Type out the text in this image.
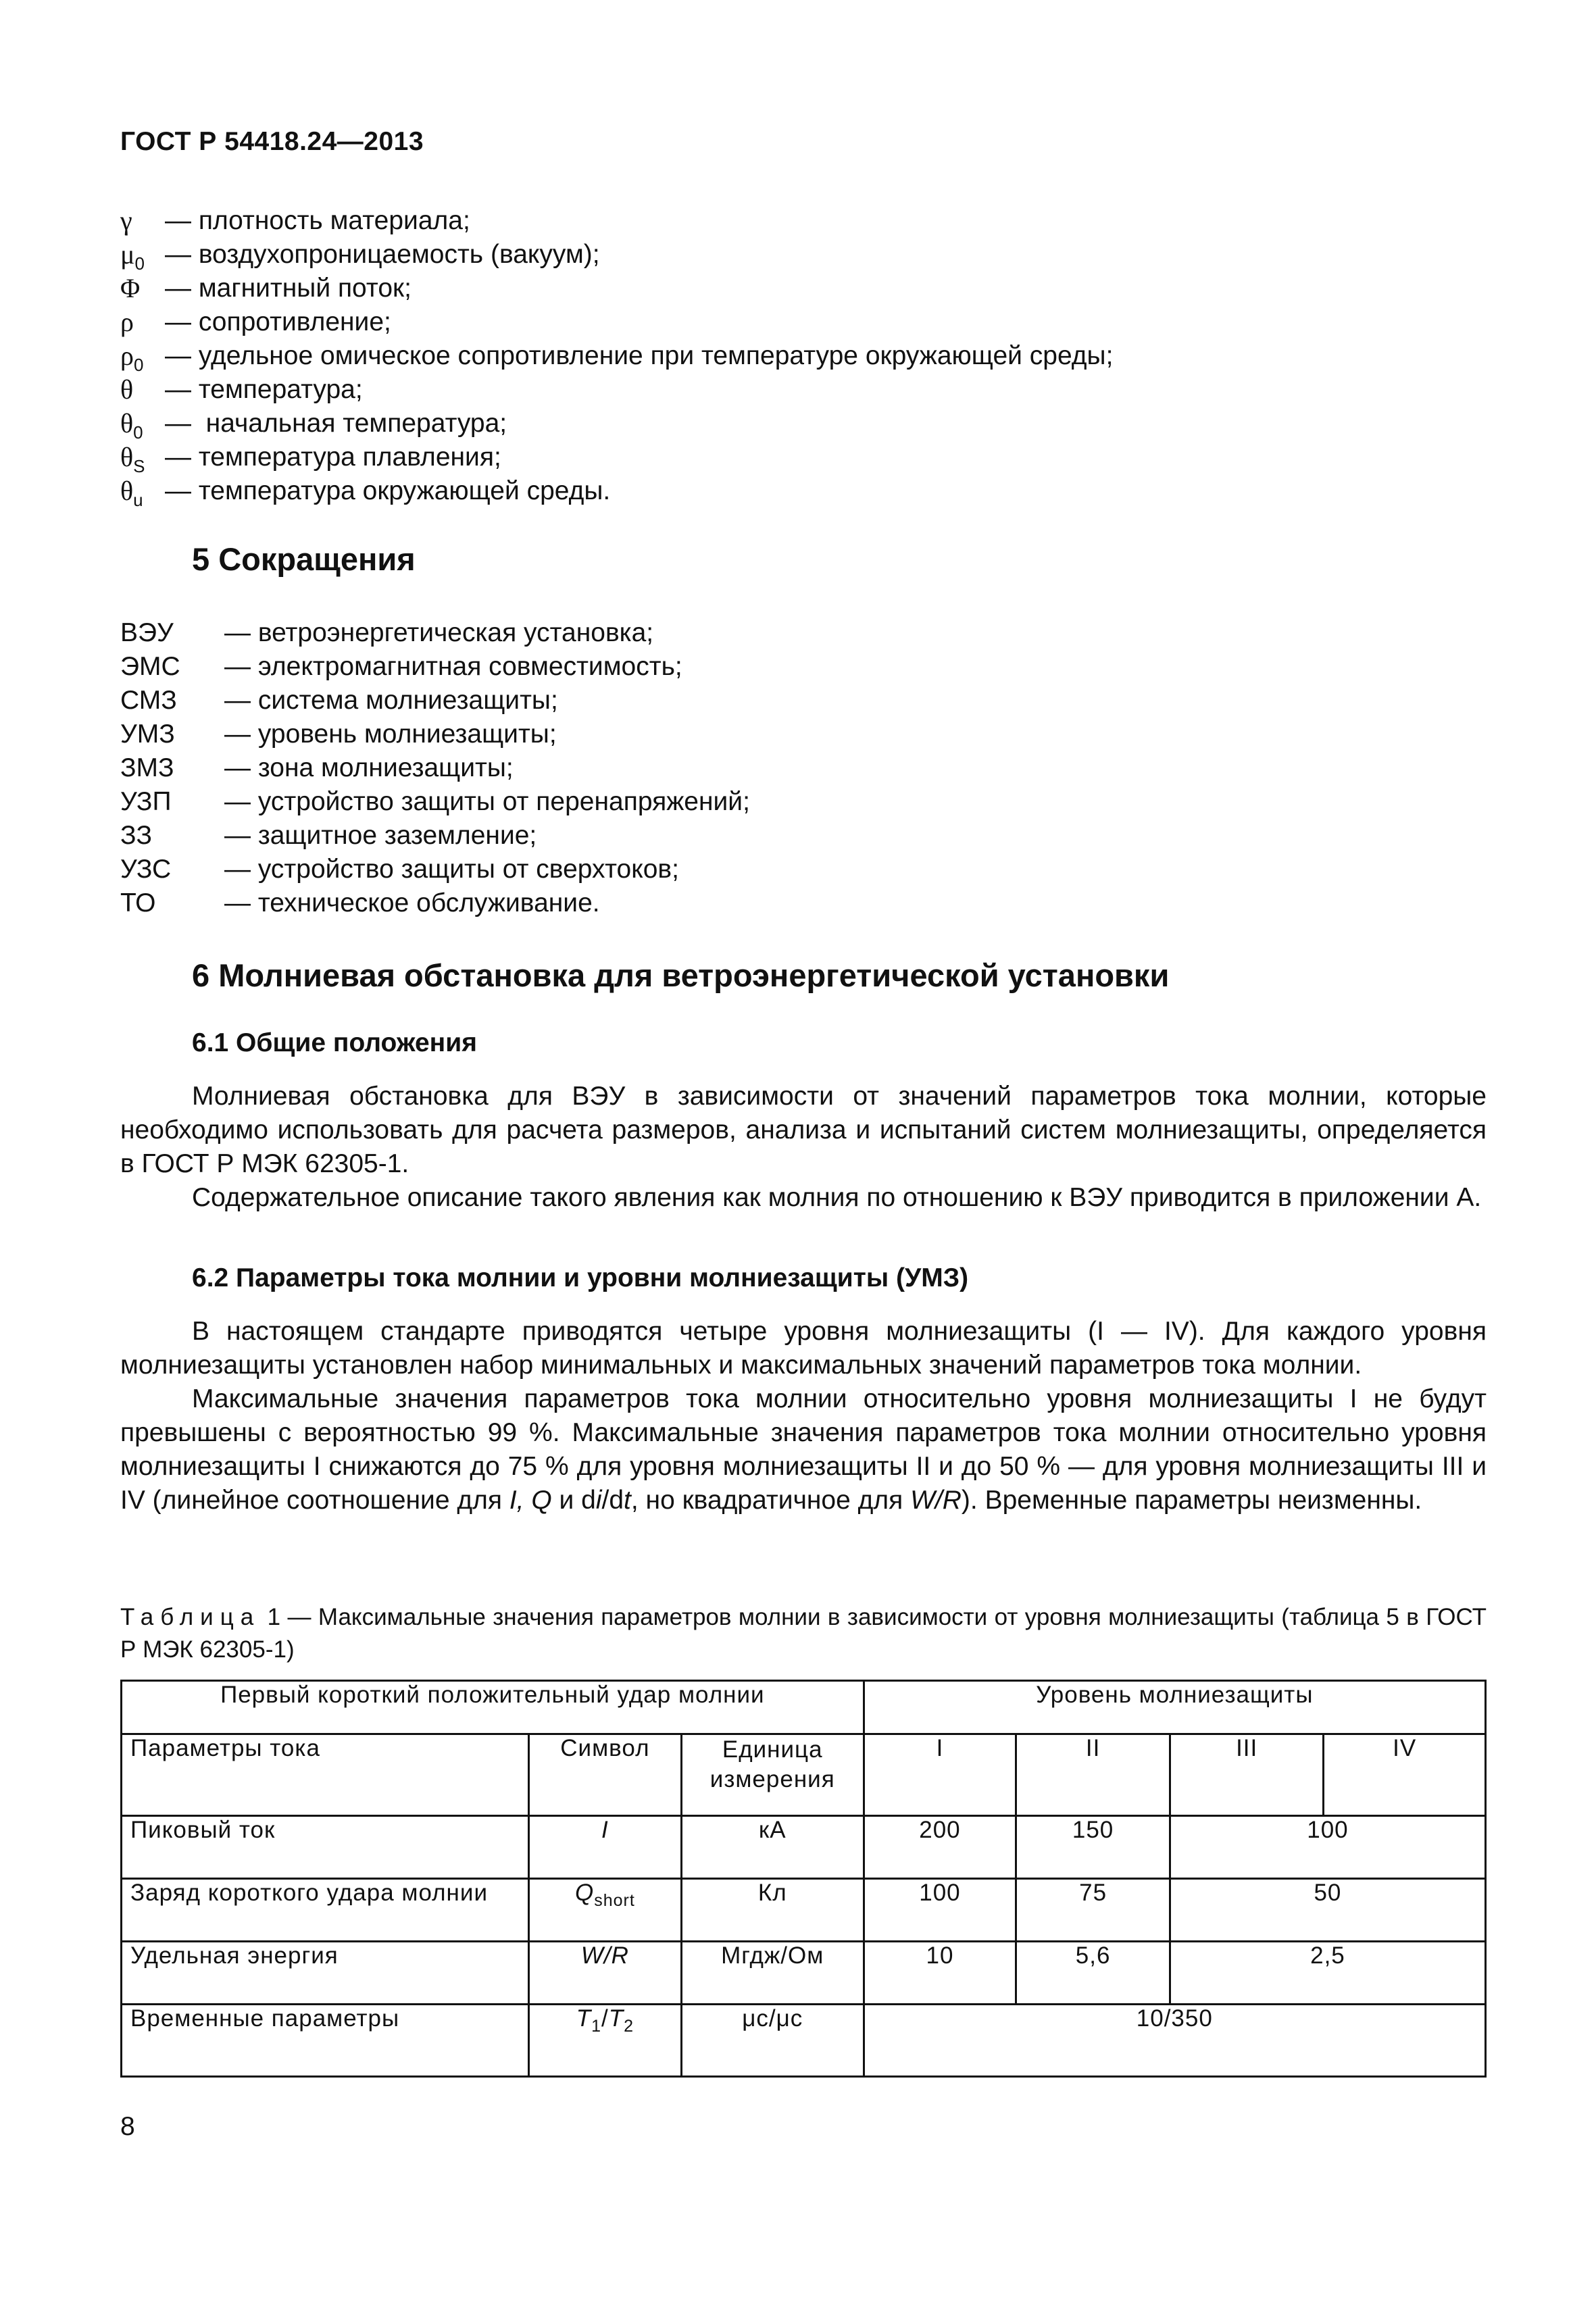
ГОСТ Р 54418.24—2013
γ	— плотность материала;
$\mu_0$ — воздухопроницаемость (вакуум);
Φ — магнитный поток;
ρ	— сопротивление;
$\rho_0$ — удельное омическое сопротивление при температуре окружающей среды;
θ	— температура;
$\theta_0$ —  начальная температура;
$\theta_S$ — температура плавления;
$\theta_u$ — температура окружающей среды.
5 Сокращения
ВЭУ	— ветроэнергетическая установка;
ЭМС	— электромагнитная совместимость;
СМЗ	— система молниезащиты;
УМЗ	— уровень молниезащиты;
ЗМЗ	— зона молниезащиты;
УЗП	— устройство защиты от перенапряжений;
ЗЗ	— защитное заземление;
УЗС	— устройство защиты от сверхтоков;
ТО	— техническое обслуживание.
6 Молниевая обстановка для ветроэнергетической установки
6.1 Общие положения
Молниевая обстановка для ВЭУ в зависимости от значений параметров тока молнии, которые необходимо использовать для расчета размеров, анализа и испытаний систем молниезащиты, определяется в ГОСТ Р МЭК 62305-1.
Содержательное описание такого явления как молния по отношению к ВЭУ приводится в приложении А.
6.2 Параметры тока молнии и уровни молниезащиты (УМЗ)
В настоящем стандарте приводятся четыре уровня молниезащиты (I — IV). Для каждого уровня молниезащиты установлен набор минимальных и максимальных значений параметров тока молнии.
Максимальные значения параметров тока молнии относительно уровня молниезащиты I не будут превышены с вероятностью 99 %. Максимальные значения параметров тока молнии относительно уровня молниезащиты I снижаются до 75 % для уровня молниезащиты II и до 50 % — для уровня молниезащиты III и IV (линейное соотношение для I, Q и di/dt, но квадратичное для W/R). Временные параметры неизменны.
Таблица 1 — Максимальные значения параметров молнии в зависимости от уровня молниезащиты (таблица 5 в ГОСТ Р МЭК 62305-1)
Первый короткий положительный удар молнии			Уровень молниезащиты			
Параметры тока	Символ	Единица измерения	I	II	III	IV
Пиковый ток	I	кА	200	150	100	
Заряд короткого удара молнии	$Q_{short}$	Кл	100	75	50	
Удельная энергия	W/R	Мгдж/Ом	10	5,6	2,5	
Временные параметры	$T_1/T_2$	μс/μс	10/350			
8
